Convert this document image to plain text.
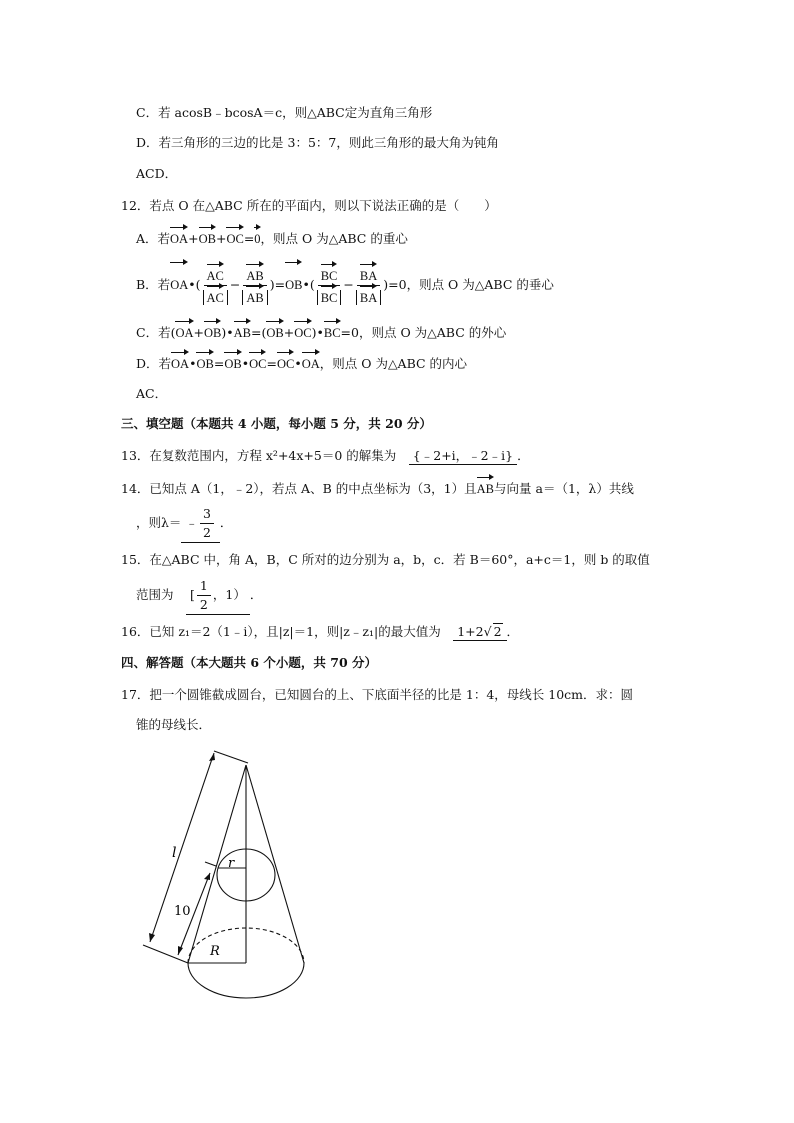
C．若 acosB﹣bcosA＝c，则△ABC定为直角三角形
D．若三角形的三边的比是 3：5：7，则此三角形的最大角为钝角
ACD．
12．若点 O 在△ABC 所在的平面内，则以下说法正确的是（　　）
A．若OA+OB+OC=0，则点 O 为△ABC 的重心
B．若OA•( $\frac{AC}{AC} - \frac{AB}{AB}$ )=OB•( $\frac{BC}{BC} - \frac{BA}{BA} )=0$，则点 O 为△ABC 的垂心
C．若(OA+OB)•AB=(OB+OC)•BC=0，则点 O 为△ABC 的外心
D．若OA•OB=OB•OC=OC•OA，则点 O 为△ABC 的内心
AC．
三、填空题（本题共 4 小题，每小题 5 分，共 20 分）
13．在复数范围内，方程 x²+4x+5＝0 的解集为　 {﹣2+i，﹣2﹣i} ．
14．已知点 A（1，﹣2），若点 A、B 的中点坐标为（3，1）且AB与向量 a＝（1，λ）共线
，则λ＝ ﹣ $\frac{3}{2}$ ．
15．在△ABC 中，角 A，B，C 所对的边分别为 a，b，c．若 B＝60°，a+c＝1，则 b 的取值
范围为　 [ $\frac{1}{2}$ ，1） ．
16．已知 z₁＝2（1﹣i），且|z|＝1，则|z﹣z₁|的最大值为　 1+2√ 2 ．
四、解答题（本大题共 6 个小题，共 70 分）
17．把一个圆锥截成圆台，已知圆台的上、下底面半径的比是 1：4，母线长 10cm．求：圆
锥的母线长．
l
10
r
R
